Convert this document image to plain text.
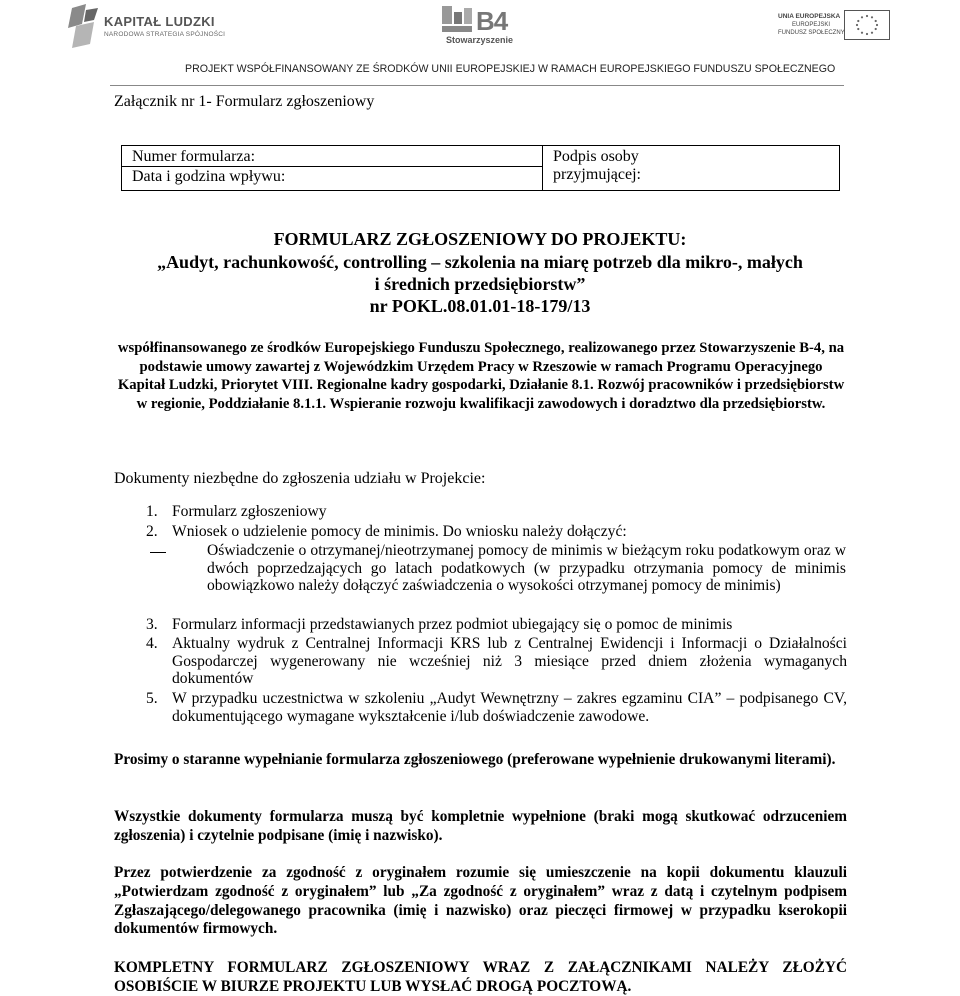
KAPITAŁ LUDZKI
NARODOWA STRATEGIA SPÓJNOŚCI	B4
Stowarzyszenie
UNIA EUROPEJSKA
EUROPEJSKI
FUNDUSZ SPOŁECZNY
PROJEKT WSPÓŁFINANSOWANY ZE ŚRODKÓW UNII EUROPEJSKIEJ W RAMACH EUROPEJSKIEGO FUNDUSZU SPOŁECZNEGO
Załącznik nr 1- Formularz zgłoszeniowy
Numer formularza:
Data i godzina wpływu:
Podpis osoby
przyjmującej:
FORMULARZ ZGŁOSZENIOWY DO PROJEKTU:
„Audyt, rachunkowość, controlling – szkolenia na miarę potrzeb dla mikro-, małych
i średnich przedsiębiorstw”
nr POKL.08.01.01-18-179/13
współfinansowanego ze środków Europejskiego Funduszu Społecznego, realizowanego przez Stowarzyszenie B-4, na podstawie umowy zawartej z Wojewódzkim Urzędem Pracy w Rzeszowie w ramach Programu Operacyjnego Kapitał Ludzki, Priorytet VIII. Regionalne kadry gospodarki, Działanie 8.1. Rozwój pracowników i przedsiębiorstw w regionie, Poddziałanie 8.1.1. Wspieranie rozwoju kwalifikacji zawodowych i doradztwo dla przedsiębiorstw.
Dokumenty niezbędne do zgłoszenia udziału w Projekcie:
1. Formularz zgłoszeniowy
2. Wniosek o udzielenie pomocy de minimis. Do wniosku należy dołączyć:
Oświadczenie o otrzymanej/nieotrzymanej pomocy de minimis w bieżącym roku podatkowym oraz w dwóch poprzedzających go latach podatkowych (w przypadku otrzymania pomocy de minimis obowiązkowo należy dołączyć zaświadczenia o wysokości otrzymanej pomocy de minimis)
3. Formularz informacji przedstawianych przez podmiot ubiegający się o pomoc de minimis
4. Aktualny wydruk z Centralnej Informacji KRS lub z Centralnej Ewidencji i Informacji o Działalności Gospodarczej wygenerowany nie wcześniej niż 3 miesiące przed dniem złożenia wymaganych dokumentów
5. W przypadku uczestnictwa w szkoleniu „Audyt Wewnętrzny – zakres egzaminu CIA” – podpisanego CV, dokumentującego wymagane wykształcenie i/lub doświadczenie zawodowe.
Prosimy o staranne wypełnianie formularza zgłoszeniowego (preferowane wypełnienie drukowanymi literami).
Wszystkie dokumenty formularza muszą być kompletnie wypełnione (braki mogą skutkować odrzuceniem zgłoszenia) i czytelnie podpisane (imię i nazwisko).
Przez potwierdzenie za zgodność z oryginałem rozumie się umieszczenie na kopii dokumentu klauzuli „Potwierdzam zgodność z oryginałem” lub „Za zgodność z oryginałem” wraz z datą i czytelnym podpisem Zgłaszającego/delegowanego pracownika (imię i nazwisko) oraz pieczęci firmowej w przypadku kserokopii dokumentów firmowych.
KOMPLETNY FORMULARZ ZGŁOSZENIOWY WRAZ Z ZAŁĄCZNIKAMI NALEŻY ZŁOŻYĆ OSOBIŚCIE W BIURZE PROJEKTU LUB WYSŁAĆ DROGĄ POCZTOWĄ.
